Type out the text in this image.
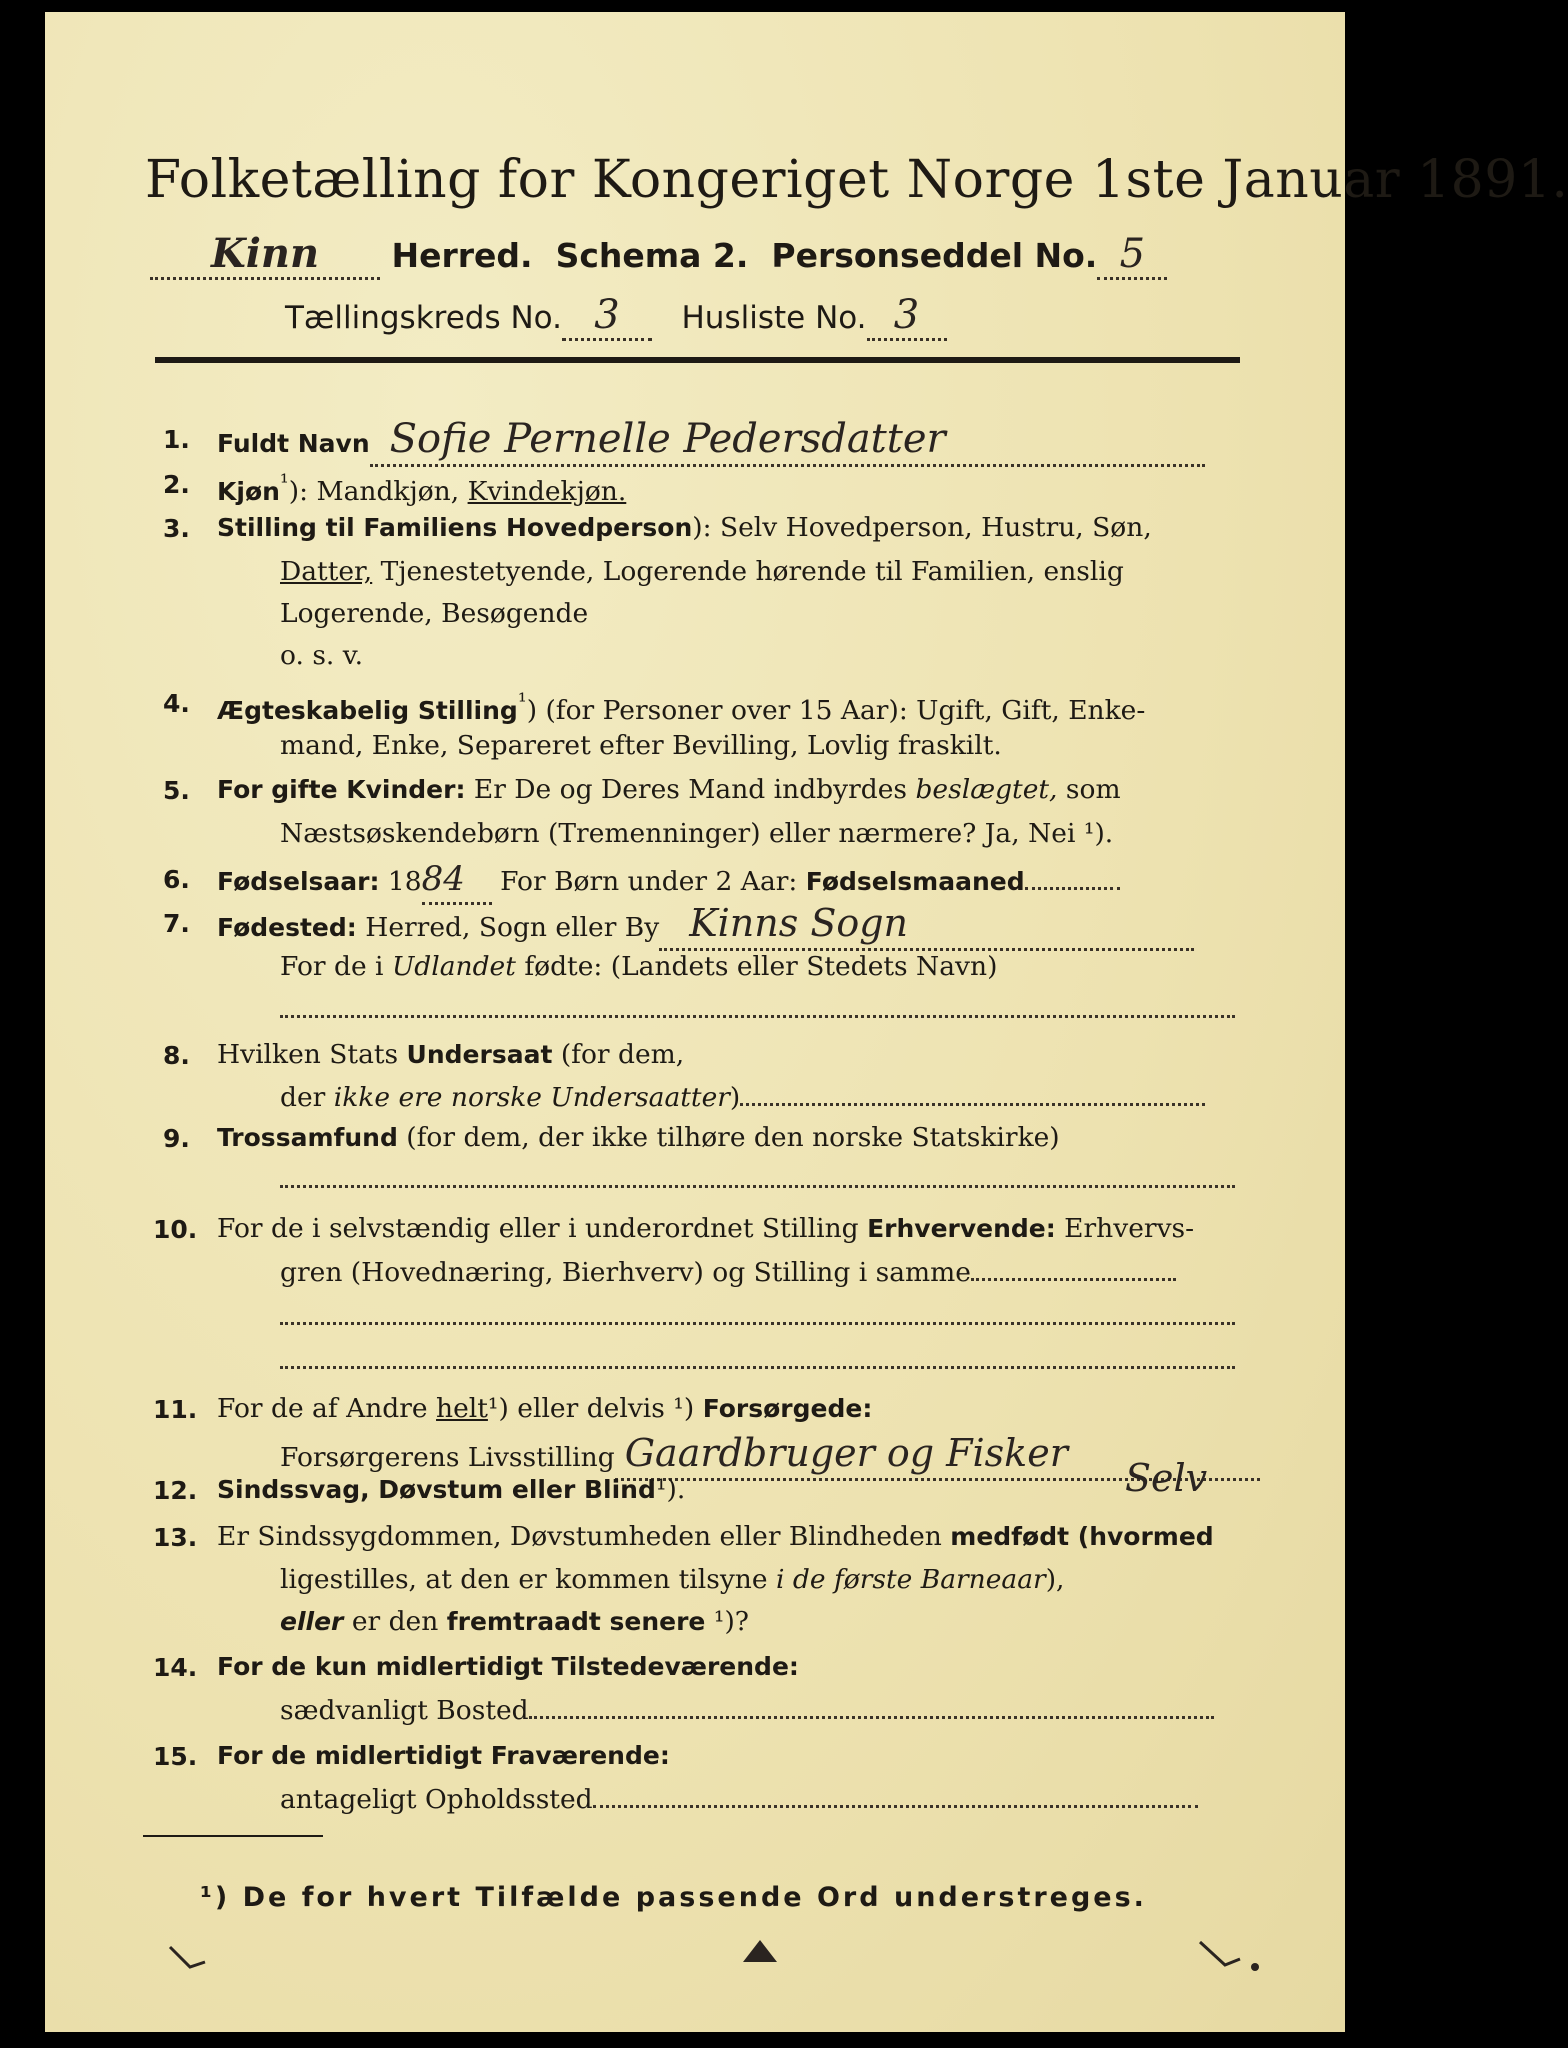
Folketælling for Kongeriget Norge 1ste Januar 1891.
Kinn Herred. Schema 2. Personseddel No. 5
Tællingskreds No. 3 Husliste No. 3
1. Fuldt Navn Sofie Pernelle Pedersdatter
2. Kjøn$^{^1}$): Mandkjøn, Kvindekjøn.
3. Stilling til Familiens Hovedperson): Selv Hovedperson, Hustru, Søn,
Datter, Tjenestetyende, Logerende hørende til Familien, enslig
Logerende, Besøgende
o. s. v.
4. Ægteskabelig Stilling$^{^1}$) (for Personer over 15 Aar): Ugift, Gift, Enke-
mand, Enke, Separeret efter Bevilling, Lovlig fraskilt.
5. For gifte Kvinder: Er De og Deres Mand indbyrdes beslægtet, som
Næstsøskendebørn (Tremenninger) eller nærmere? Ja, Nei ¹).
6. Fødselsaar: 1884 For Børn under 2 Aar: Fødselsmaaned
7. Fødested: Herred, Sogn eller By Kinns Sogn
For de i Udlandet fødte: (Landets eller Stedets Navn)
8. Hvilken Stats Undersaat (for dem,
der ikke ere norske Undersaatter)
9. Trossamfund (for dem, der ikke tilhøre den norske Statskirke)
10. For de i selvstændig eller i underordnet Stilling Erhvervende: Erhvervs-
gren (Hovednæring, Bierhverv) og Stilling i samme
11. For de af Andre helt¹) eller delvis ¹) Forsørgede:
Forsørgerens Livsstilling Gaardbruger og Fisker
12. Sindssvag, Døvstum eller Blind¹).	Selv
13. Er Sindssygdommen, Døvstumheden eller Blindheden medfødt (hvormed
ligestilles, at den er kommen tilsyne i de første Barneaar),
eller er den fremtraadt senere ¹)?
14. For de kun midlertidigt Tilstedeværende:
sædvanligt Bosted
15. For de midlertidigt Fraværende:
antageligt Opholdssted
¹) De for hvert Tilfælde passende Ord understreges.
